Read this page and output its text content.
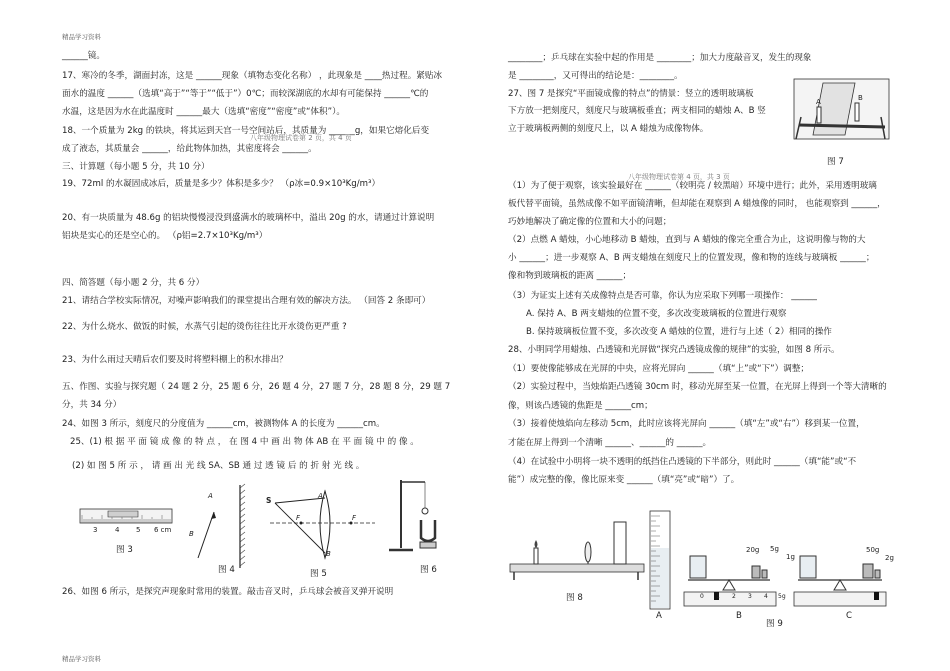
精品学习资料
精品学习资料
______镜。
17、寒冷的冬季，湖面封冻，这是 ______现象（填物态变化名称） ，此现象是 ____热过程。紧贴冰
面水的温度 ______（选填“高于”“等于”“低于”）0℃；而较深湖底的水却有可能保持 ______℃的
水温，这是因为水在此温度时 ______最大（选填“密度”“密度”或“体积”）。
18、一个质量为 2kg 的铁块，将其运到天宫一号空间站后，其质量为 ______g，如果它熔化后变
成了液态，其质量会 ______，给此物体加热，其密度将会 ______。
三、计算题（每小题 5 分，共 10 分）
19、72ml 的水凝固成冰后，质量是多少？体积是多少？ （ρ冰=0.9×10³Kg/m³）
20、有一块质量为 48.6g 的铝块慢慢浸没到盛满水的玻璃杯中，溢出 20g 的水，请通过计算说明
铝块是实心的还是空心的。 （ρ铝=2.7×10³Kg/m³）
四、简答题（每小题 2 分，共 6 分）
21、请结合学校实际情况，对噪声影响我们的课堂提出合理有效的解决方法。 （回答 2 条即可）
22、为什么烧水、做饭的时候，水蒸气引起的烫伤往往比开水烫伤更严重 ?
23、为什么雨过天晴后农们要及时将塑料棚上的积水排出？
五、作图、实验与探究题（ 24 题 2 分，25 题 6 分，26 题 4 分，27 题 7 分，28 题 8 分，29 题 7
分，共 34 分）
24、如图 3 所示，刻度尺的分度值为 ______cm，被测物体 A 的长度为 ______cm。
25、(1) 根 据 平 面 镜 成 像 的 特 点 ， 在 图 4 中 画 出 物 体 AB 在 平 面 镜 中 的 像 。
(2) 如 图 5 所 示 ， 请 画 出 光 线 SA、SB 通 过 透 镜 后 的 折 射 光 线 。
26、如图 6 所示，是探究声现象时常用的装置。敲击音叉时，乒乓球会被音叉弹开说明
八年级物理试卷第 2 页，共 4 页
3	4 5 6 cm
图 3
A
B
图 4
S	A
B
F	F
图 5	图 6
________；乒乓球在实验中起的作用是 ________；加大力度敲音叉，发生的现象
是 ________，又可得出的结论是：________。
27、图 7 是探究“平面镜成像的特点”的情景：竖立的透明玻璃板
下方放一把刻度尺，刻度尺与玻璃板垂直；两支相同的蜡烛 A、B 竖
立于玻璃板两侧的刻度尺上，以 A 蜡烛为成像物体。
（1）为了便于观察，该实验最好在 ______（较明亮 / 较黑暗）环境中进行；此外，采用透明玻璃
板代替平面镜，虽然成像不如平面镜清晰，但却能在观察到 A 蜡烛像的同时， 也能观察到 ______，
巧妙地解决了确定像的位置和大小的问题；
（2）点燃 A 蜡烛，小心地移动 B 蜡烛，直到与 A 蜡烛的像完全重合为止，这说明像与物的大
小 ______；进一步观察 A、B 两支蜡烛在刻度尺上的位置发现，像和物的连线与玻璃板 ______；
像和物到玻璃板的距离 ______；
（3）为证实上述有关成像特点是否可靠，你认为应采取下列哪一项操作： ______
A. 保持 A、B 两支蜡烛的位置不变，多次改变玻璃板的位置进行观察
B. 保持玻璃板位置不变，多次改变 A 蜡烛的位置，进行与上述（ 2）相同的操作
28、小明同学用蜡烛、凸透镜和光屏做“探究凸透镜成像的规律”的实验，如图 8 所示。
（1）要使像能够成在光屏的中央，应将光屏向 ______（填“上”或“下”）调整；
（2）实验过程中，当烛焰距凸透镜 30cm 时，移动光屏至某一位置，在光屏上得到一个等大清晰的
像，则该凸透镜的焦距是 ______cm；
（3）接着使烛焰向左移动 5cm，此时应该将光屏向 ______（填“左”或“右”）移到某一位置，
才能在屏上得到一个清晰 ______、______的 ______。
（4）在试验中小明将一块不透明的纸挡住凸透镜的下半部分，则此时 ______（填“能”或“不
能”）成完整的像，像比原来变 ______（填“亮”或“暗”）了。
八年级物理试卷第 4 页，共 3 页
A	B
图 7
图 8
20g 5g
1g
50g
2g
0 1 2 3 4 5g
A	B	C
图 9
